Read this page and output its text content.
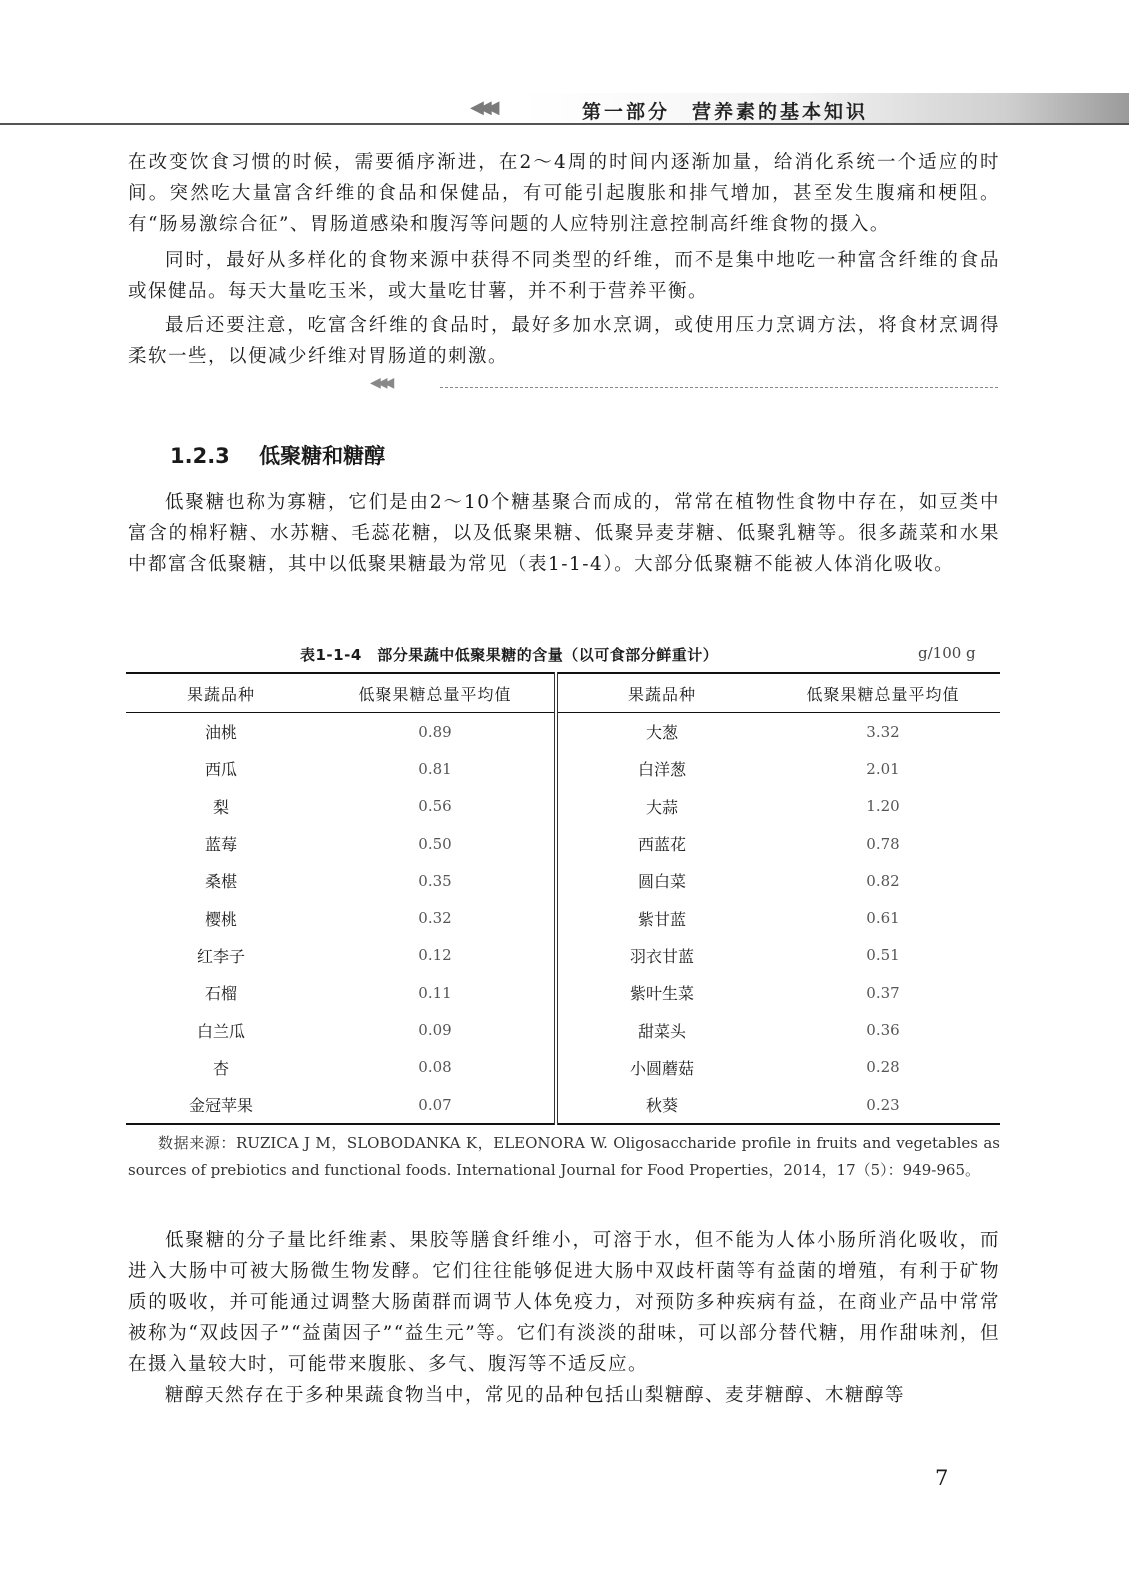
◀◀◀	第一部分　营养素的基本知识

在改变饮食习惯的时候，需要循序渐进，在2～4周的时间内逐渐加量，给消化系统一个适应的时间。突然吃大量富含纤维的食品和保健品，有可能引起腹胀和排气增加，甚至发生腹痛和梗阻。有“肠易激综合征”、胃肠道感染和腹泻等问题的人应特别注意控制高纤维食物的摄入。

同时，最好从多样化的食物来源中获得不同类型的纤维，而不是集中地吃一种富含纤维的食品或保健品。每天大量吃玉米，或大量吃甘薯，并不利于营养平衡。

最后还要注意，吃富含纤维的食品时，最好多加水烹调，或使用压力烹调方法，将食材烹调得柔软一些，以便减少纤维对胃肠道的刺激。

◀◀◀
1.2.3 低聚糖和糖醇

低聚糖也称为寡糖，它们是由2～10个糖基聚合而成的，常常在植物性食物中存在，如豆类中富含的棉籽糖、水苏糖、毛蕊花糖，以及低聚果糖、低聚异麦芽糖、低聚乳糖等。很多蔬菜和水果中都富含低聚糖，其中以低聚果糖最为常见（表1-1-4）。大部分低聚糖不能被人体消化吸收。

表1-1-4　部分果蔬中低聚果糖的含量（以可食部分鲜重计）	g/100 g
果蔬品种	低聚果糖总量平均值	果蔬品种	低聚果糖总量平均值
油桃	0.89	大葱	3.32
西瓜	0.81	白洋葱	2.01
梨	0.56	大蒜	1.20
蓝莓	0.50	西蓝花	0.78
桑椹	0.35	圆白菜	0.82
樱桃	0.32	紫甘蓝	0.61
红李子	0.12	羽衣甘蓝	0.51
石榴	0.11	紫叶生菜	0.37
白兰瓜	0.09	甜菜头	0.36
杏	0.08	小圆蘑菇	0.28
金冠苹果	0.07	秋葵	0.23

数据来源：RUZICA J M，SLOBODANKA K，ELEONORA W. Oligosaccharide profile in fruits and vegetables as sources of prebiotics and functional foods. International Journal for Food Properties，2014，17（5）：949-965。

低聚糖的分子量比纤维素、果胶等膳食纤维小，可溶于水，但不能为人体小肠所消化吸收，而进入大肠中可被大肠微生物发酵。它们往往能够促进大肠中双歧杆菌等有益菌的增殖，有利于矿物质的吸收，并可能通过调整大肠菌群而调节人体免疫力，对预防多种疾病有益，在商业产品中常常被称为“双歧因子”“益菌因子”“益生元”等。它们有淡淡的甜味，可以部分替代糖，用作甜味剂，但在摄入量较大时，可能带来腹胀、多气、腹泻等不适反应。

糖醇天然存在于多种果蔬食物当中，常见的品种包括山梨糖醇、麦芽糖醇、木糖醇等

7
